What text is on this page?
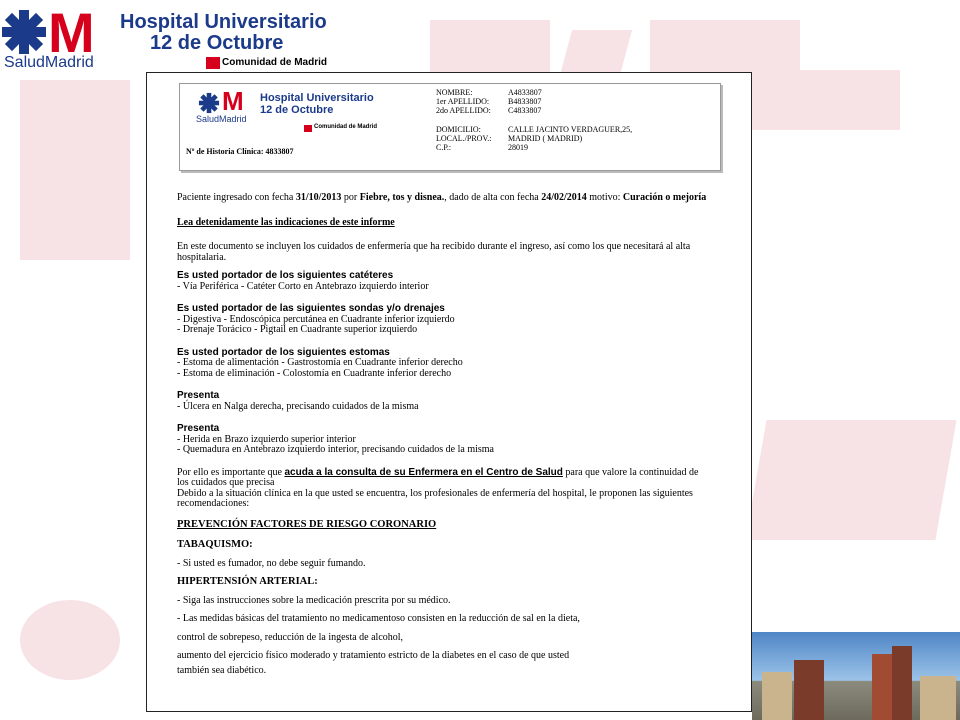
M
SaludMadrid
Hospital Universitario
12 de Octubre
Comunidad de Madrid
M
SaludMadrid
Hospital Universitario
12 de Octubre
Comunidad de Madrid
Nº de Historia Clínica: 4833807
NOMBRE:	A4833807
1er APELLIDO:	B4833807
2do APELLIDO:	C4833807
DOMICILIO:	CALLE JACINTO VERDAGUER,25,
LOCAL./PROV.:	MADRID ( MADRID)
C.P.:	28019

Paciente ingresado con fecha 31/10/2013 por Fiebre, tos y disnea., dado de alta con fecha 24/02/2014 motivo: Curación o mejoría

Lea detenidamente las indicaciones de este informe

En este documento se incluyen los cuidados de enfermería que ha recibido durante el ingreso, así como los que necesitará al alta hospitalaria.

Es usted portador de los siguientes catéteres

- Vía Periférica - Catéter Corto en Antebrazo izquierdo interior

Es usted portador de las siguientes sondas y/o drenajes

- Digestiva - Endoscópica percutánea en Cuadrante inferior izquierdo

- Drenaje Torácico - Pigtail en Cuadrante superior izquierdo

Es usted portador de los siguientes estomas

- Estoma de alimentación - Gastrostomía en Cuadrante inferior derecho

- Estoma de eliminación - Colostomía en Cuadrante inferior derecho

Presenta

- Úlcera en Nalga derecha, precisando cuidados de la misma

Presenta

- Herida en Brazo izquierdo superior interior

- Quemadura en Antebrazo izquierdo interior, precisando cuidados de la misma

Por ello es importante que acuda a la consulta de su Enfermera en el Centro de Salud para que valore la continuidad de los cuidados que precisa

Debido a la situación clínica en la que usted se encuentra, los profesionales de enfermería del hospital, le proponen las siguientes recomendaciones:

PREVENCIÓN FACTORES DE RIESGO CORONARIO

TABAQUISMO:

- Si usted es fumador, no debe seguir fumando.

HIPERTENSIÓN ARTERIAL:

- Siga las instrucciones sobre la medicación prescrita por su médico.

- Las medidas básicas del tratamiento no medicamentoso consisten en la reducción de sal en la dieta,

control de sobrepeso, reducción de la ingesta de alcohol,

aumento del ejercicio físico moderado y tratamiento estricto de la diabetes en el caso de que usted

también sea diabético.
